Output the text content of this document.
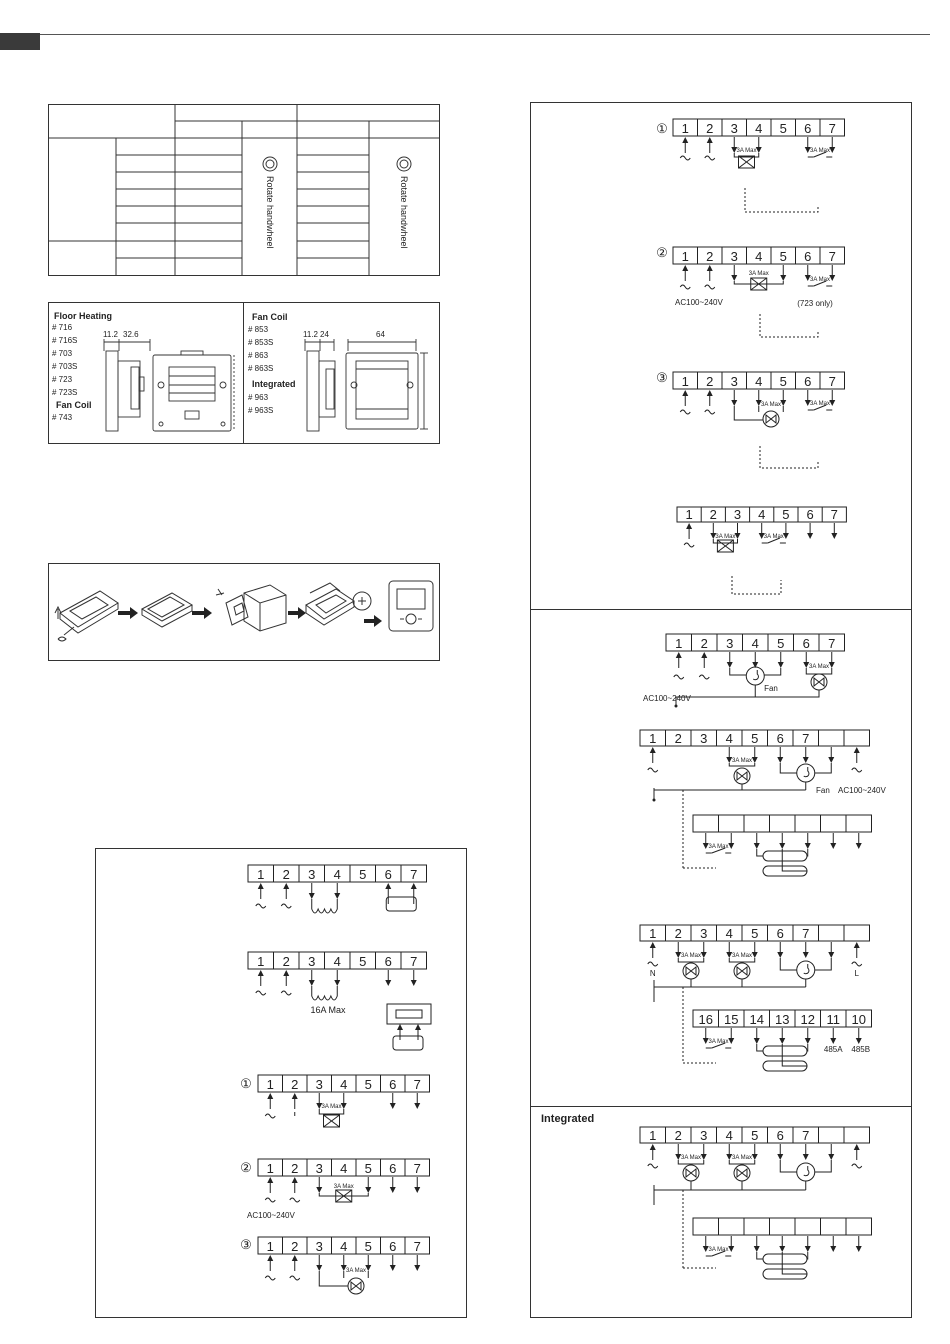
Rotate handwheel	Rotate handwheel
Floor Heating
# 716
# 716S
# 703
# 703S
# 723
# 723S
Fan Coil
# 743
Fan Coil
# 853
# 853S
# 863
# 863S
Integrated
# 963
# 963S
11.2 32.6	11.2 24	64
Integrated
1 2 3 4 5 6 7
1 2 3 4 5 6 7
16A Max
① 1 2 3 4 5 6 7
3A Max
② 1 2 3 4 5 6 7
3A Max
AC100~240V
③ 1 2 3 4 5 6 7
3A Max
① 1 2 3 4 5 6 7
3A Max	3A Max
② 1 2 3 4 5 6 7
3A Max
3A Max
AC100~240V	(723 only)
③ 1 2 3 4 5 6 7
3A Max	3A Max
1 2 3 4 5 6 7
3A Max	3A Max
1 2 3 4 5 6 7
Fan
3A Max
AC100~240V
1 2 3 4 5 6 7
3A Max
Fan AC100~240V
3A Max
1 2 3 4 5 6 7
N
3A Max	3A Max
L
16 15 14 13 12 11 10
3A Max
485A 485B
1 2 3 4 5 6 7
3A Max	3A Max
3A Max
